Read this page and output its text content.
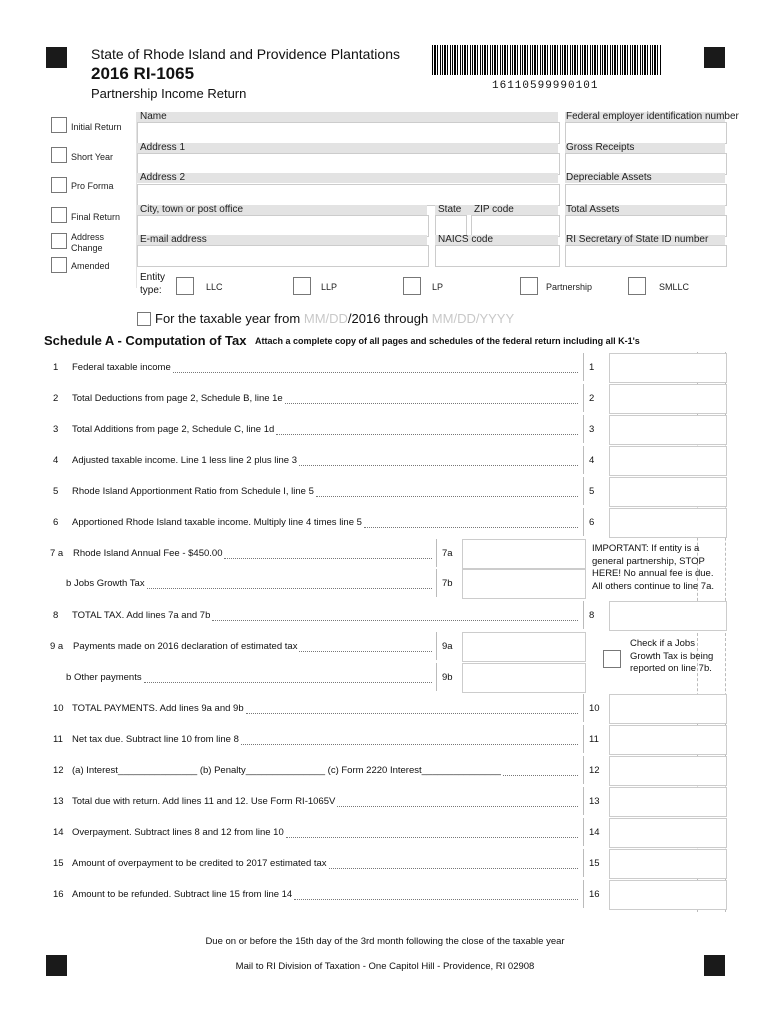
State of Rhode Island and Providence Plantations
2016 RI-1065
Partnership Income Return	16110599990101
Initial Return
Short Year
Pro Forma
Final Return
Address Change
Amended
Name	Federal employer identification number
Address 1	Gross Receipts
Address 2	Depreciable Assets
City, town or post office	State ZIP code	Total Assets
E-mail address	NAICS code	RI Secretary of State ID number
Entity
type:	LLC	LLP	LP	Partnership	SMLLC
For the taxable year from MM/DD/2016 through MM/DD/YYYY
Schedule A - Computation of Tax Attach a complete copy of all pages and schedules of the federal return including all K-1's
1 Federal taxable income	1
2 Total Deductions from page 2, Schedule B, line 1e	2
3 Total Additions from page 2, Schedule C, line 1d	3
4 Adjusted taxable income. Line 1 less line 2 plus line 3	4
5 Rhode Island Apportionment Ratio from Schedule I, line 5	5
6 Apportioned Rhode Island taxable income. Multiply line 4 times line 5	6
7 a Rhode Island Annual Fee - $450.00	7a
b Jobs Growth Tax	7b
8 TOTAL TAX. Add lines 7a and 7b	8
9 a Payments made on 2016 declaration of estimated tax	9a
b Other payments	9b
10 TOTAL PAYMENTS. Add lines 9a and 9b	10
11 Net tax due. Subtract line 10 from line 8	11
12 (a) Interest_______________ (b) Penalty_______________ (c) Form 2220 Interest_______________	12
13 Total due with return. Add lines 11 and 12. Use Form RI-1065V	13
14 Overpayment. Subtract lines 8 and 12 from line 10	14
15 Amount of overpayment to be credited to 2017 estimated tax	15
16 Amount to be refunded. Subtract line 15 from line 14	16
IMPORTANT: If entity is a general partnership, STOP HERE! No annual fee is due. All others continue to line 7a.
Check if a Jobs Growth Tax is being reported on line 7b.
Due on or before the 15th day of the 3rd month following the close of the taxable year
Mail to RI Division of Taxation - One Capitol Hill - Providence, RI 02908
